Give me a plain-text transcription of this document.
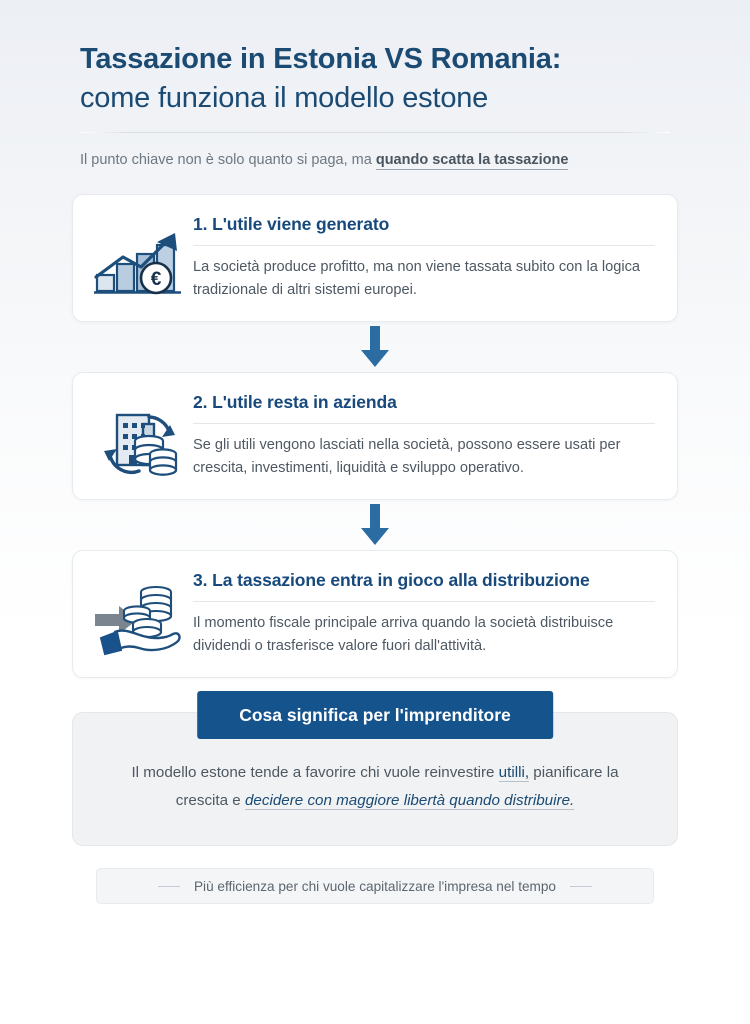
Tassazione in Estonia VS Romania:
come funziona il modello estone
Il punto chiave non è solo quanto si paga, ma quando scatta la tassazione
€
1. L'utile viene generato
La società produce profitto, ma non viene tassata subito con la logica tradizionale di altri sistemi europei.
2. L'utile resta in azienda
Se gli utili vengono lasciati nella società, possono essere usati per crescita, investimenti, liquidità e sviluppo operativo.
3. La tassazione entra in gioco alla distribuzione
Il momento fiscale principale arriva quando la società distribuisce dividendi o trasferisce valore fuori dall'attività.
Cosa significa per l'imprenditore
Il modello estone tende a favorire chi vuole reinvestire utilli, pianificare la crescita e decidere con maggiore libertà quando distribuire.
Più efficienza per chi vuole capitalizzare l'impresa nel tempo
